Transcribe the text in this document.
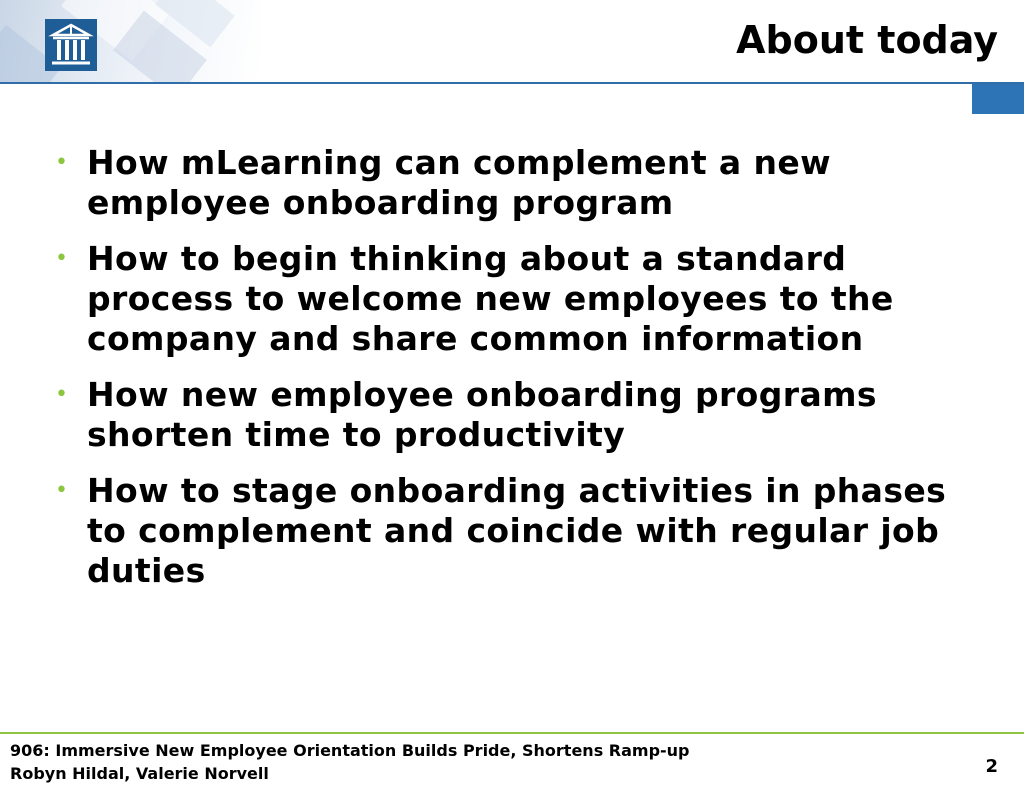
About today
• How mLearning can complement a new employee onboarding program
• How to begin thinking about a standard process to welcome new employees to the company and share common information
• How new employee onboarding programs shorten time to productivity
• How to stage onboarding activities in phases to complement and coincide with regular job duties

906: Immersive New Employee Orientation Builds Pride, Shortens Ramp-up

Robyn Hildal, Valerie Norvell	2
